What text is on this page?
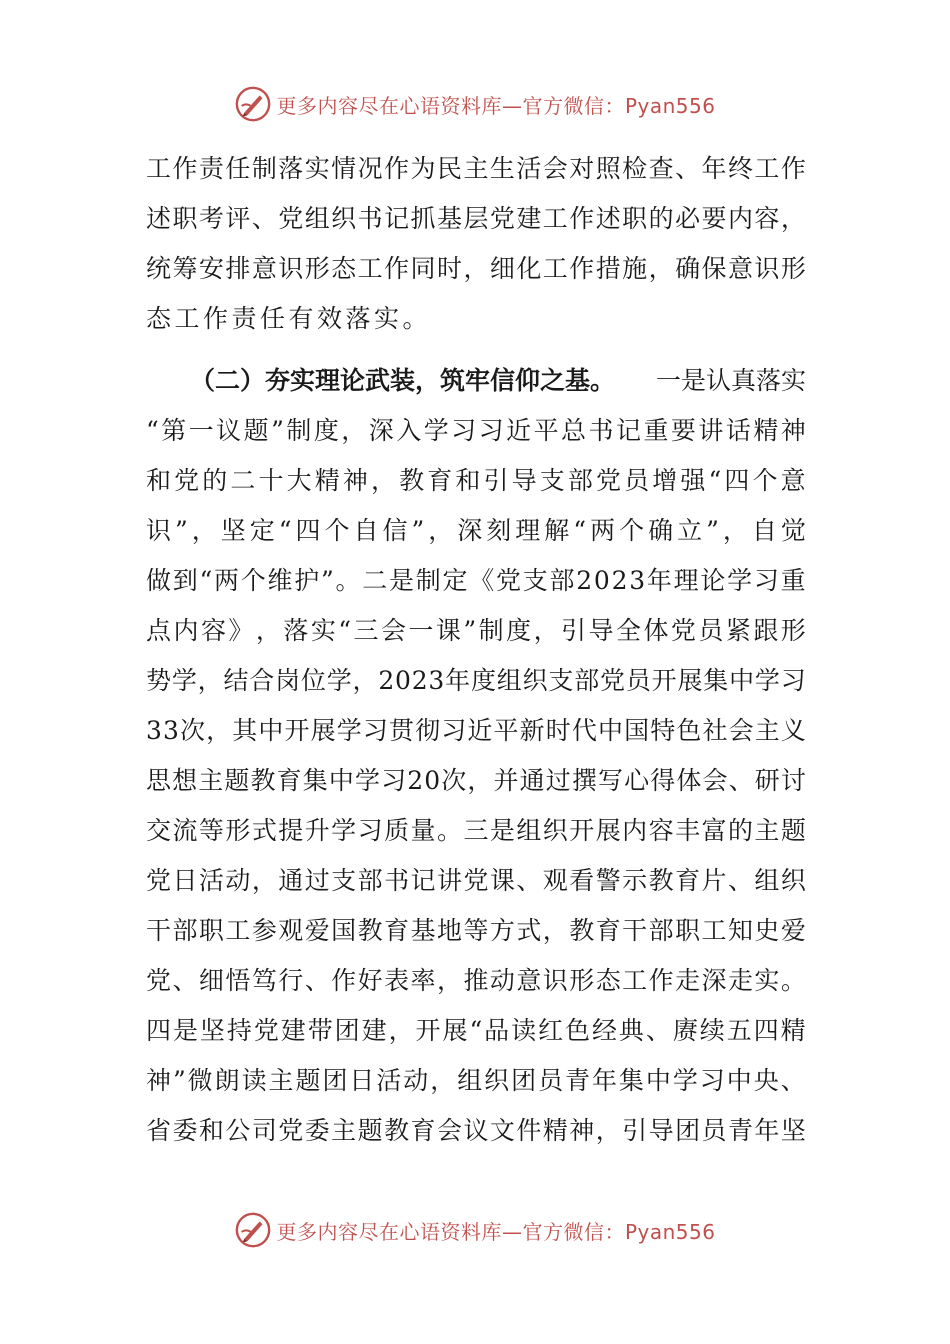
更多内容尽在心语资料库—官方微信：Pyan556
工 作 责 任 制 落 实 情 况 作 为 民 主 生 活 会 对 照 检 查 、 年 终 工 作
述 职 考 评 、 党 组 织 书 记 抓 基 层 党 建 工 作 述 职 的 必 要 内 容 ，
统 筹 安 排 意 识 形 态 工 作 同 时 ， 细 化 工 作 措 施 ， 确 保 意 识 形
态工作责任有效落实。
（二）夯实理论武装，筑牢信仰之基。 一是认真落实
“ 第 一 议 题 ” 制 度 ， 深 入 学 习 习 近 平 总 书 记 重 要 讲 话 精 神
和 党 的 二 十 大 精 神 ， 教 育 和 引 导 支 部 党 员 增 强 “ 四 个 意
识 ” ， 坚 定 “ 四 个 自 信 ” ， 深 刻 理 解 “ 两 个 确 立 ” ， 自 觉
做 到 “ 两 个 维 护 ” 。 二 是 制 定 《 党 支 部 2 0 2 3 年 理 论 学 习 重
点 内 容 》 ， 落 实 “ 三 会 一 课 ” 制 度 ， 引 导 全 体 党 员 紧 跟 形
势 学 ， 结 合 岗 位 学 ， 2 0 2 3 年 度 组 织 支 部 党 员 开 展 集 中 学 习
3 3 次 ， 其 中 开 展 学 习 贯 彻 习 近 平 新 时 代 中 国 特 色 社 会 主 义
思 想 主 题 教 育 集 中 学 习 2 0 次 ， 并 通 过 撰 写 心 得 体 会 、 研 讨
交 流 等 形 式 提 升 学 习 质 量 。 三 是 组 织 开 展 内 容 丰 富 的 主 题
党 日 活 动 ， 通 过 支 部 书 记 讲 党 课 、 观 看 警 示 教 育 片 、 组 织
干 部 职 工 参 观 爱 国 教 育 基 地 等 方 式 ， 教 育 干 部 职 工 知 史 爱
党 、 细 悟 笃 行 、 作 好 表 率 ， 推 动 意 识 形 态 工 作 走 深 走 实 。
四 是 坚 持 党 建 带 团 建 ， 开 展 “ 品 读 红 色 经 典 、 赓 续 五 四 精
神 ” 微 朗 读 主 题 团 日 活 动 ， 组 织 团 员 青 年 集 中 学 习 中 央 、
省 委 和 公 司 党 委 主 题 教 育 会 议 文 件 精 神 ， 引 导 团 员 青 年 坚
更多内容尽在心语资料库—官方微信：Pyan556
